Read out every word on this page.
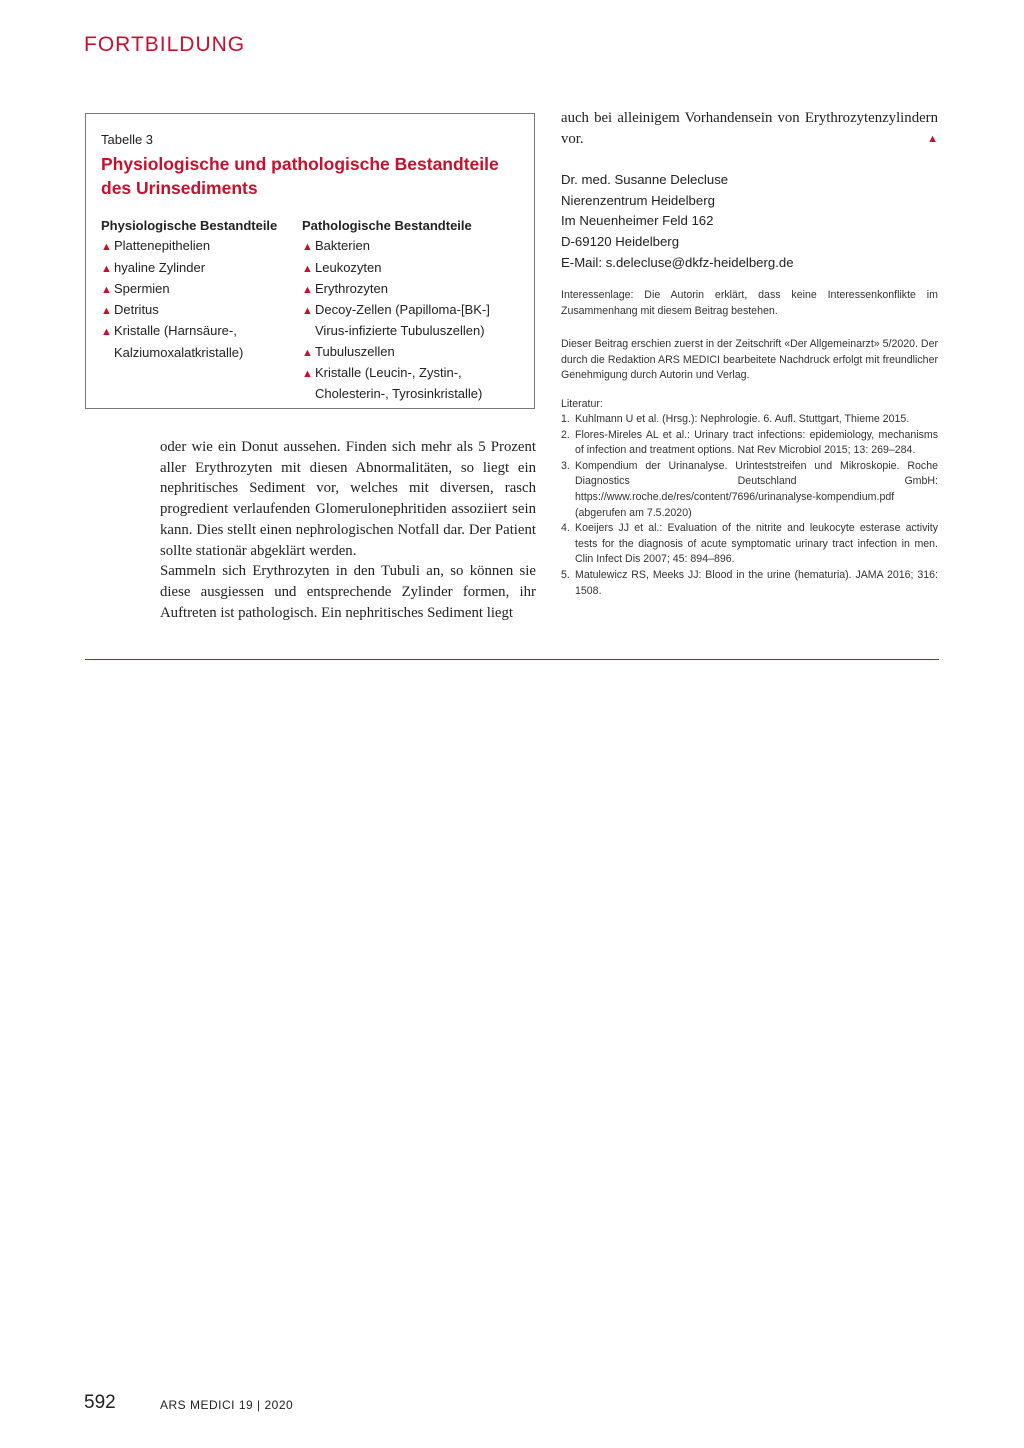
FORTBILDUNG
Tabelle 3
Physiologische und pathologische Bestandteile
des Urinsediments
Physiologische Bestandteile
▲ Plattenepithelien
▲ hyaline Zylinder
▲ Spermien
▲ Detritus
▲ Kristalle (Harnsäure-,
Kalziumoxalatkristalle)
Pathologische Bestandteile
▲ Bakterien
▲ Leukozyten
▲ Erythrozyten
▲ Decoy-Zellen (Papilloma-[BK-]
Virus-infizierte Tubuluszellen)
▲ Tubuluszellen
▲ Kristalle (Leucin-, Zystin-,
Cholesterin-, Tyrosinkristalle)

oder wie ein Donut aussehen. Finden sich mehr als 5 Prozent aller Erythrozyten mit diesen Abnormalitäten, so liegt ein nephritisches Sediment vor, welches mit diversen, rasch progredient verlaufenden Glomerulonephritiden assoziiert sein kann. Dies stellt einen nephrologischen Notfall dar. Der Patient sollte stationär abgeklärt werden.

Sammeln sich Erythrozyten in den Tubuli an, so können sie diese ausgiessen und entsprechende Zylinder formen, ihr Auftreten ist pathologisch. Ein nephritisches Sediment liegt

auch bei alleinigem Vorhandensein von Erythrozytenzylindern vor.	▲
Dr. med. Susanne Delecluse
Nierenzentrum Heidelberg
Im Neuenheimer Feld 162
D-69120 Heidelberg
E-Mail: s.delecluse@dkfz-heidelberg.de
Interessenlage: Die Autorin erklärt, dass keine Interessenkonflikte im Zusammenhang mit diesem Beitrag bestehen.
Dieser Beitrag erschien zuerst in der Zeitschrift «Der Allgemeinarzt» 5/2020. Der durch die Redaktion ARS MEDICI bearbeitete Nachdruck erfolgt mit freundlicher Genehmigung durch Autorin und Verlag.
Literatur:
1. Kuhlmann U et al. (Hrsg.): Nephrologie. 6. Aufl. Stuttgart, Thieme 2015.
2. Flores-Mireles AL et al.: Urinary tract infections: epidemiology, mechanisms of infection and treatment options. Nat Rev Microbiol 2015; 13: 269–284.
3. Kompendium der Urinanalyse. Urinteststreifen und Mikroskopie. Roche Diagnostics Deutschland GmbH: https://www.roche.de/res/content/7696/urinanalyse-kompendium.pdf (abgerufen am 7.5.2020)
4. Koeijers JJ et al.: Evaluation of the nitrite and leukocyte esterase activity tests for the diagnosis of acute symptomatic urinary tract infection in men. Clin Infect Dis 2007; 45: 894–896.
5. Matulewicz RS, Meeks JJ: Blood in the urine (hematuria). JAMA 2016; 316: 1508.
592	ARS MEDICI 19 | 2020
